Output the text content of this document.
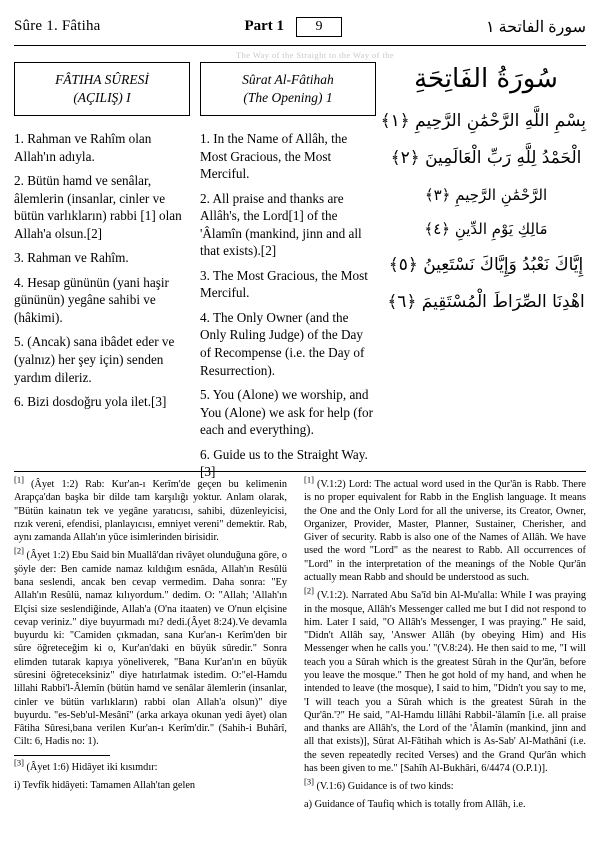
Sûre 1. Fâtiha	Part 1	9	سورة الفاتحة ١
The Way of the Straight to the Way of the
FÂTIHA SÛRESİ
(AÇILIŞ) I
1. Rahman ve Rahîm olan Allah'ın adıyla.
2. Bütün hamd ve senâlar, âlemlerin (insanlar, cinler ve bütün varlıkların) rabbi [1] olan Allah'a olsun.[2]
3. Rahman ve Rahîm.
4. Hesap gününün (yani haşir gününün) yegâne sahibi ve (hâkimi).
5. (Ancak) sana ibâdet eder ve (yalnız) her şey için) senden yardım dileriz.
6. Bizi dosdoğru yola ilet.[3]
Sûrat Al-Fâtihah
(The Opening) 1
1. In the Name of Allâh, the Most Gracious, the Most Merciful.
2. All praise and thanks are Allâh's, the Lord[1] of the 'Âlamîn (mankind, jinn and all that exists).[2]
3. The Most Gracious, the Most Merciful.
4. The Only Owner (and the Only Ruling Judge) of the Day of Recompense (i.e. the Day of Resurrection).
5. You (Alone) we worship, and You (Alone) we ask for help (for each and everything).
6. Guide us to the Straight Way.[3]
سُورَةُ الفَاتِحَةِ
بِسْمِ اللَّهِ الرَّحْمَٰنِ الرَّحِيمِ ﴿١﴾
الْحَمْدُ لِلَّهِ رَبِّ الْعَالَمِينَ ﴿٢﴾
الرَّحْمَٰنِ الرَّحِيمِ ﴿٣﴾
مَالِكِ يَوْمِ الدِّينِ ﴿٤﴾
إِيَّاكَ نَعْبُدُ وَإِيَّاكَ نَسْتَعِينُ ﴿٥﴾
اهْدِنَا الصِّرَاطَ الْمُسْتَقِيمَ ﴿٦﴾
[1] (Âyet 1:2) Rab: Kur'an-ı Kerîm'de geçen bu kelimenin Arapça'dan başka bir dilde tam karşılığı yoktur. Anlam olarak, "Bütün kainatın tek ve yegâne yaratıcısı, sahibi, düzenleyicisi, rızık vereni, efendisi, planlayıcısı, emniyet vereni" demektir. Rab, aynı zamanda Allah'ın yüce isimlerinden birisidir.
[2] (Âyet 1:2) Ebu Said bin Muallâ'dan rivâyet olunduğuna göre, o şöyle der: Ben camide namaz kıldığım esnâda, Allah'ın Resûlü bana seslendi, ancak ben cevap vermedim. Daha sonra: "Ey Allah'ın Resûlü, namaz kılıyordum." dedim. O: "Allah; 'Allah'ın Elçisi size seslendiğinde, Allah'a (O'na itaaten) ve O'nun elçisine cevap veriniz." diye buyurmadı mı? dedi.(Âyet 8:24).Ve devamla buyurdu ki: "Camiden çıkmadan, sana Kur'an-ı Kerîm'den bir sûre öğreteceğim ki o, Kur'an'daki en büyük sûredir." Sonra elimden tutarak kapıya yöneliverek, "Bana Kur'an'ın en büyük sûresini öğreteceksiniz" diye hatırlatmak istedim. O:"el-Hamdu lillahi Rabbi'l-Âlemîn (bütün hamd ve senâlar âlemlerin (insanlar, cinler ve bütün varlıkların) rabbi olan Allah'a olsun)" diye buyurdu. "es-Seb'ul-Mesânî" (arka arkaya okunan yedi âyet) olan Fâtiha Sûresi,bana verilen Kur'an-ı Kerîm'dir." (Sahih-i Buhârî, Cilt: 6, Hadis no: 1).
[3] (Âyet 1:6) Hidâyet iki kısımdır:
i) Tevfîk hidâyeti: Tamamen Allah'tan gelen
[1] (V.1:2) Lord: The actual word used in the Qur'ân is Rabb. There is no proper equivalent for Rabb in the English language. It means the One and the Only Lord for all the universe, its Creator, Owner, Organizer, Provider, Master, Planner, Sustainer, Cherisher, and Giver of security. Rabb is also one of the Names of Allâh. We have used the word "Lord" as the nearest to Rabb. All occurrences of "Lord" in the interpretation of the meanings of the Noble Qur'ân actually mean Rabb and should be understood as such.
[2] (V.1:2). Narrated Abu Sa'îd bin Al-Mu'alla: While I was praying in the mosque, Allâh's Messenger called me but I did not respond to him. Later I said, "O Allâh's Messenger, I was praying." He said, "Didn't Allâh say, 'Answer Allâh (by obeying Him) and His Messenger when he calls you.' "(V.8:24). He then said to me, "I will teach you a Sûrah which is the greatest Sûrah in the Qur'ân, before you leave the mosque." Then he got hold of my hand, and when he intended to leave (the mosque), I said to him, "Didn't you say to me, 'I will teach you a Sûrah which is the greatest Sûrah in the Qur'ân.'?" He said, "Al-Hamdu lillâhi Rabbil-'âlamîn [i.e. all praise and thanks are Allâh's, the Lord of the 'Âlamîn (mankind, jinn and all that exists)], Sûrat Al-Fâtihah which is As-Sab' Al-Mathâni (i.e. the seven repeatedly recited Verses) and the Grand Qur'ân which has been given to me." [Sahîh Al-Bukhâri, 6/4474 (O.P.1)].
[3] (V.1:6) Guidance is of two kinds:
a) Guidance of Taufiq which is totally from Allâh, i.e.
